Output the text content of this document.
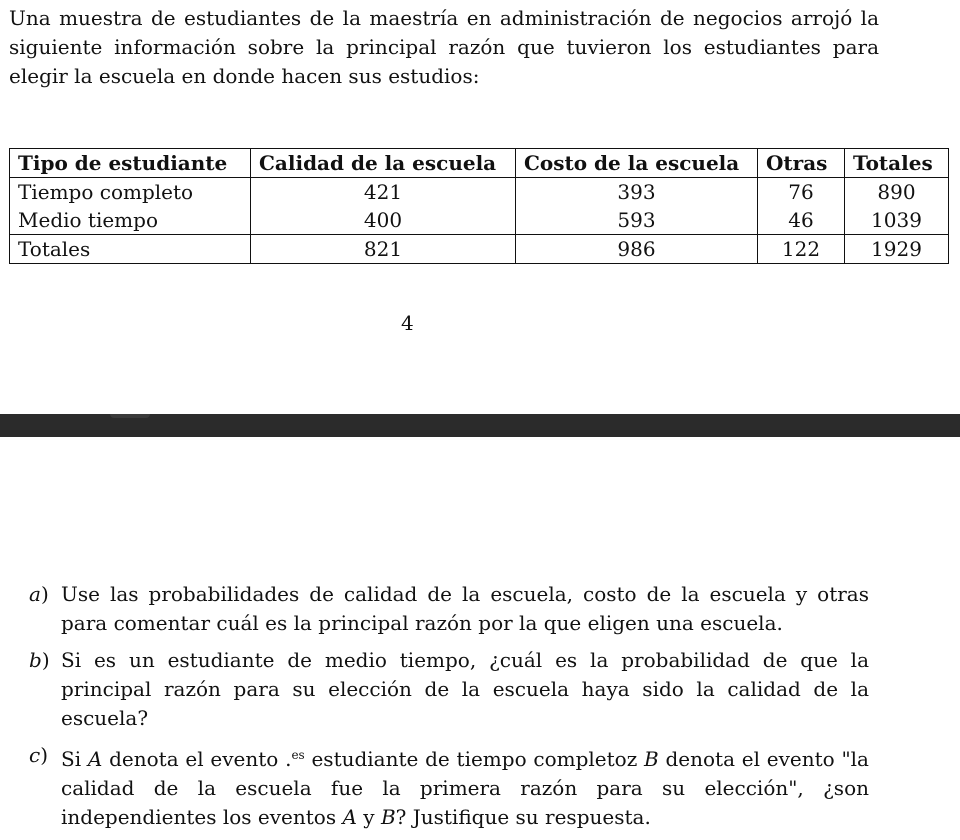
Una muestra de estudiantes de la maestría en administración de negocios arrojó la siguiente información sobre la principal razón que tuvieron los estudiantes para elegir la escuela en donde hacen sus estudios:
Tipo de estudiante	Calidad de la escuela	Costo de la escuela	Otras	Totales
Tiempo completo	421	393	76	890
Medio tiempo	400	593	46	1039
Totales	821	986	122	1929
4
a) Use las probabilidades de calidad de la escuela, costo de la escuela y otras para comentar cuál es la principal razón por la que eligen una escuela.
b) Si es un estudiante de medio tiempo, ¿cuál es la probabilidad de que la principal razón para su elección de la escuela haya sido la calidad de la escuela?
c) Si A denota el evento .$^{es}$ estudiante de tiempo completoz B denota el evento "la calidad de la escuela fue la primera razón para su elección", ¿son independientes los eventos A y B? Justifique su respuesta.
